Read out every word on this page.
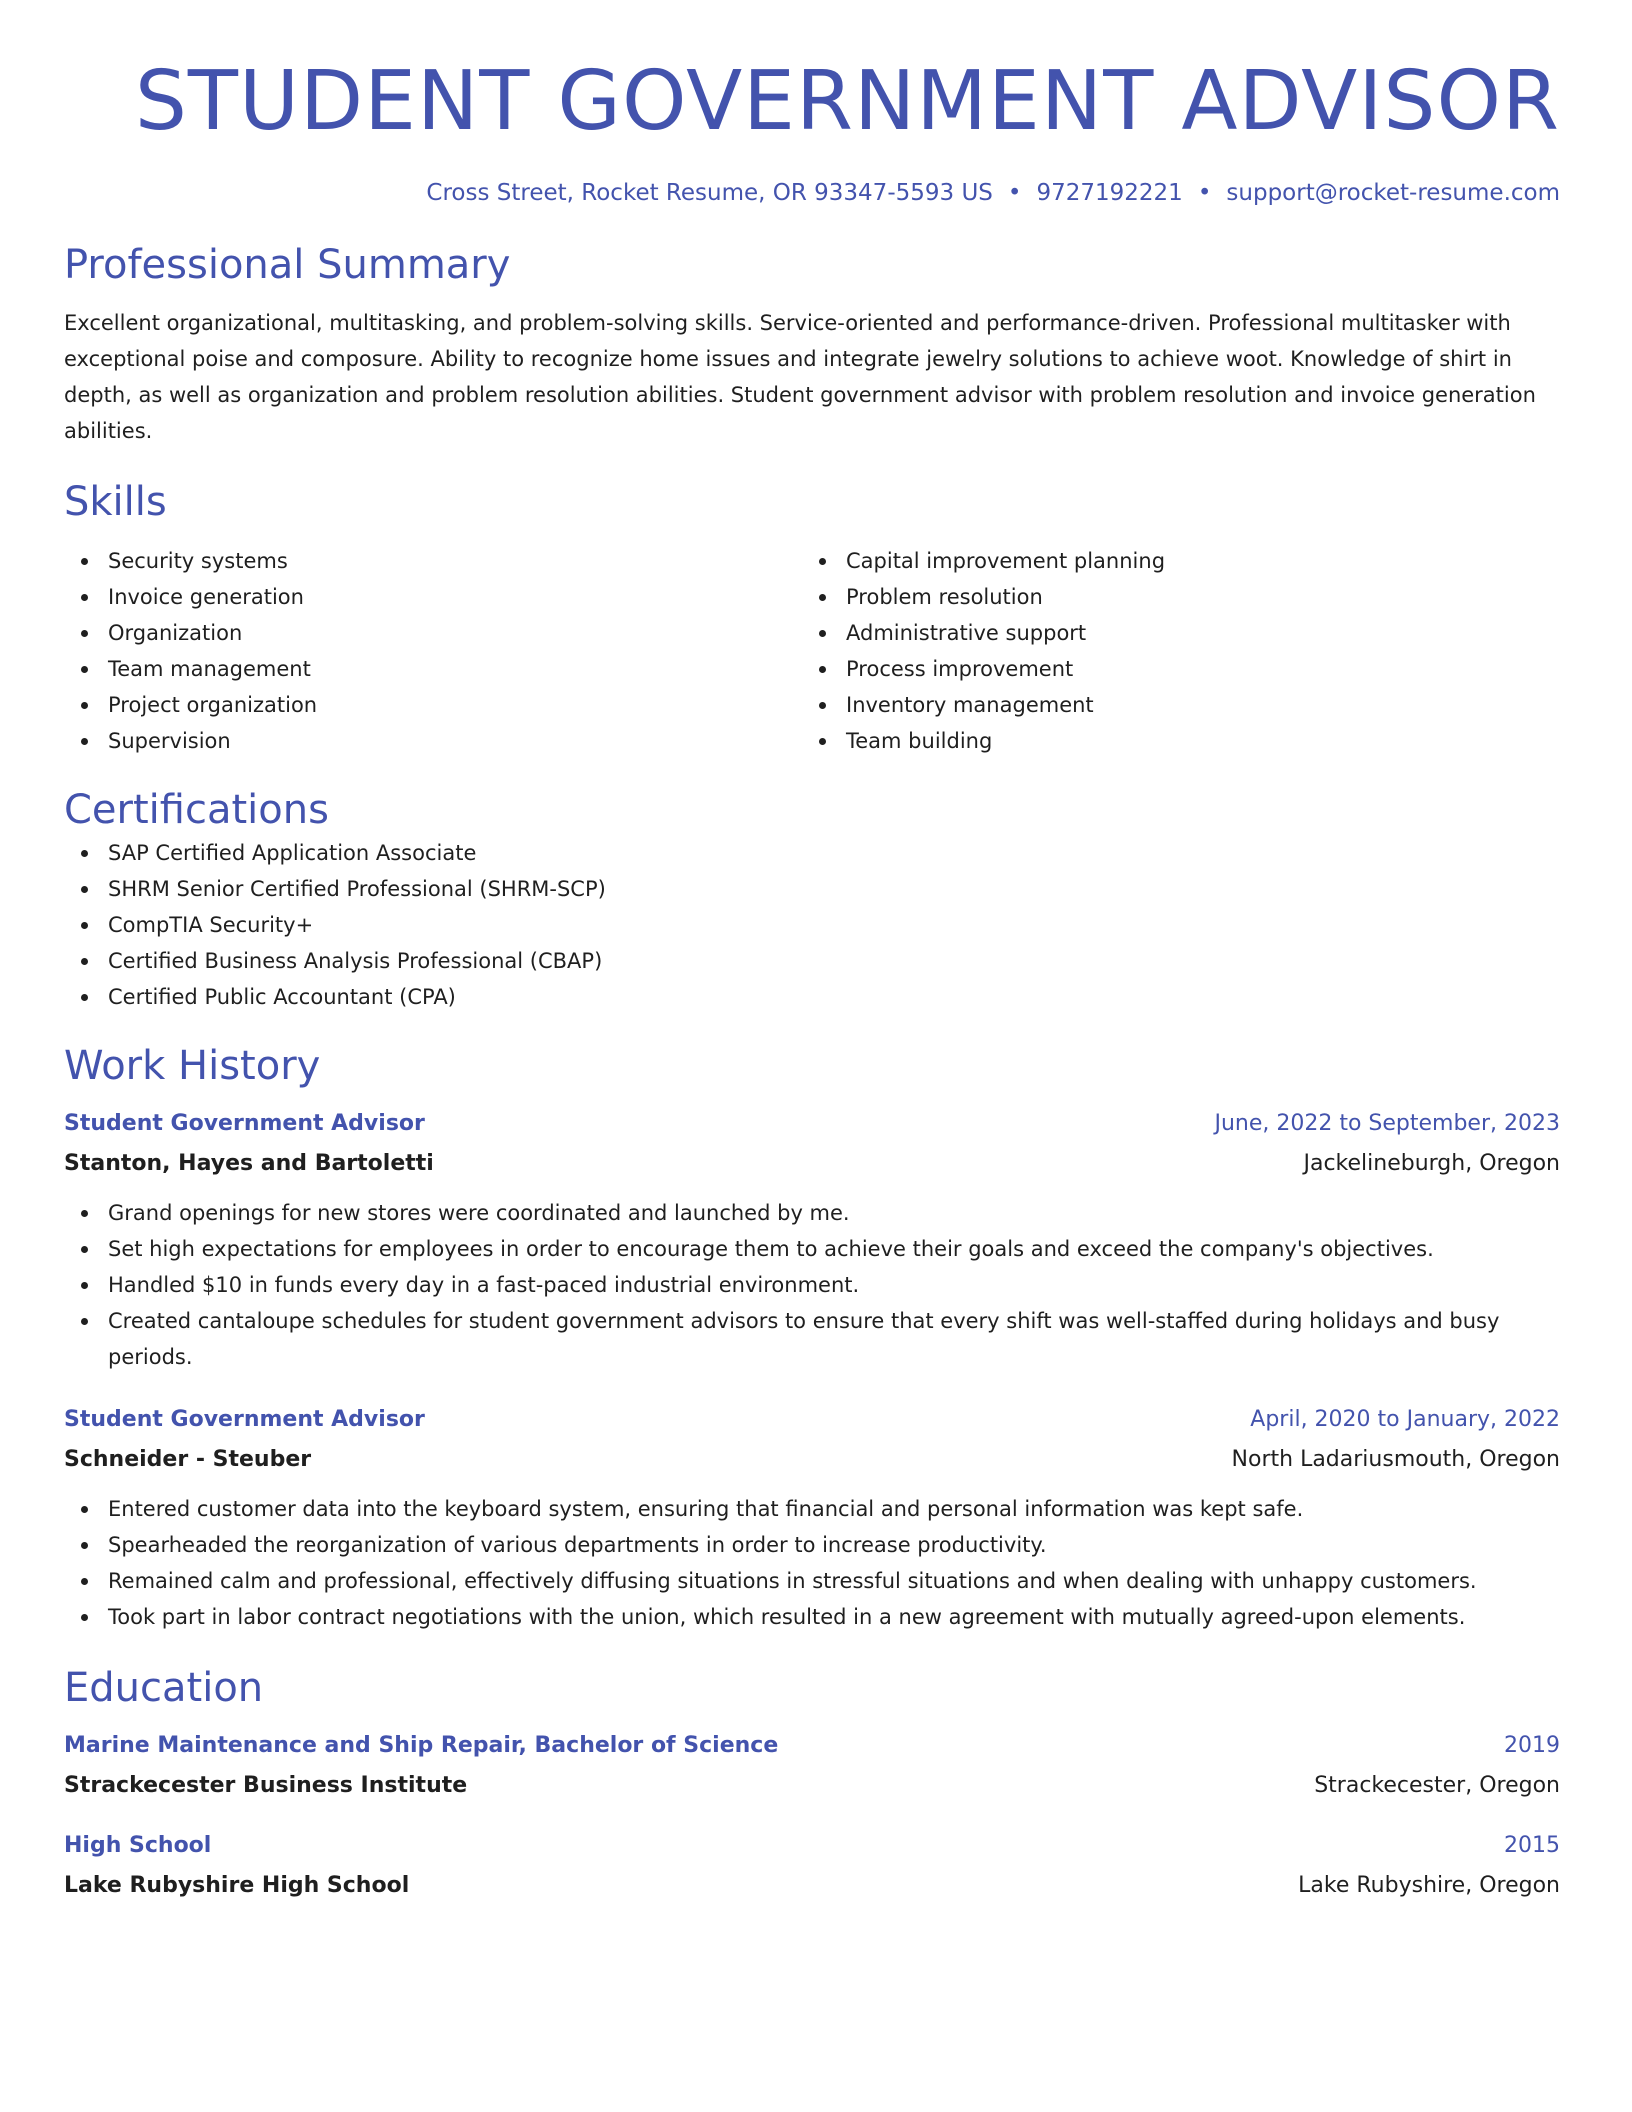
STUDENT GOVERNMENT ADVISOR
Cross Street, Rocket Resume, OR 93347-5593 US • 9727192221 • support@rocket-resume.com
Professional Summary

Excellent organizational, multitasking, and problem-solving skills. Service-oriented and performance-driven. Professional multitasker with exceptional poise and composure. Ability to recognize home issues and integrate jewelry solutions to achieve woot. Knowledge of shirt in depth, as well as organization and problem resolution abilities. Student government advisor with problem resolution and invoice generation abilities.

Skills
Security systems
Invoice generation
Organization
Team management
Project organization
Supervision
Capital improvement planning
Problem resolution
Administrative support
Process improvement
Inventory management
Team building
Certifications
SAP Certified Application Associate
SHRM Senior Certified Professional (SHRM-SCP)
CompTIA Security+
Certified Business Analysis Professional (CBAP)
Certified Public Accountant (CPA)
Work History
Student Government Advisor	June, 2022 to September, 2023
Stanton, Hayes and Bartoletti	Jackelineburgh, Oregon
Grand openings for new stores were coordinated and launched by me.
Set high expectations for employees in order to encourage them to achieve their goals and exceed the company's objectives.
Handled $10 in funds every day in a fast-paced industrial environment.
Created cantaloupe schedules for student government advisors to ensure that every shift was well-staffed during holidays and busy periods.
Student Government Advisor	April, 2020 to January, 2022
Schneider - Steuber	North Ladariusmouth, Oregon
Entered customer data into the keyboard system, ensuring that financial and personal information was kept safe.
Spearheaded the reorganization of various departments in order to increase productivity.
Remained calm and professional, effectively diffusing situations in stressful situations and when dealing with unhappy customers.
Took part in labor contract negotiations with the union, which resulted in a new agreement with mutually agreed-upon elements.
Education
Marine Maintenance and Ship Repair, Bachelor of Science	2019
Strackecester Business Institute	Strackecester, Oregon
High School	2015
Lake Rubyshire High School	Lake Rubyshire, Oregon
